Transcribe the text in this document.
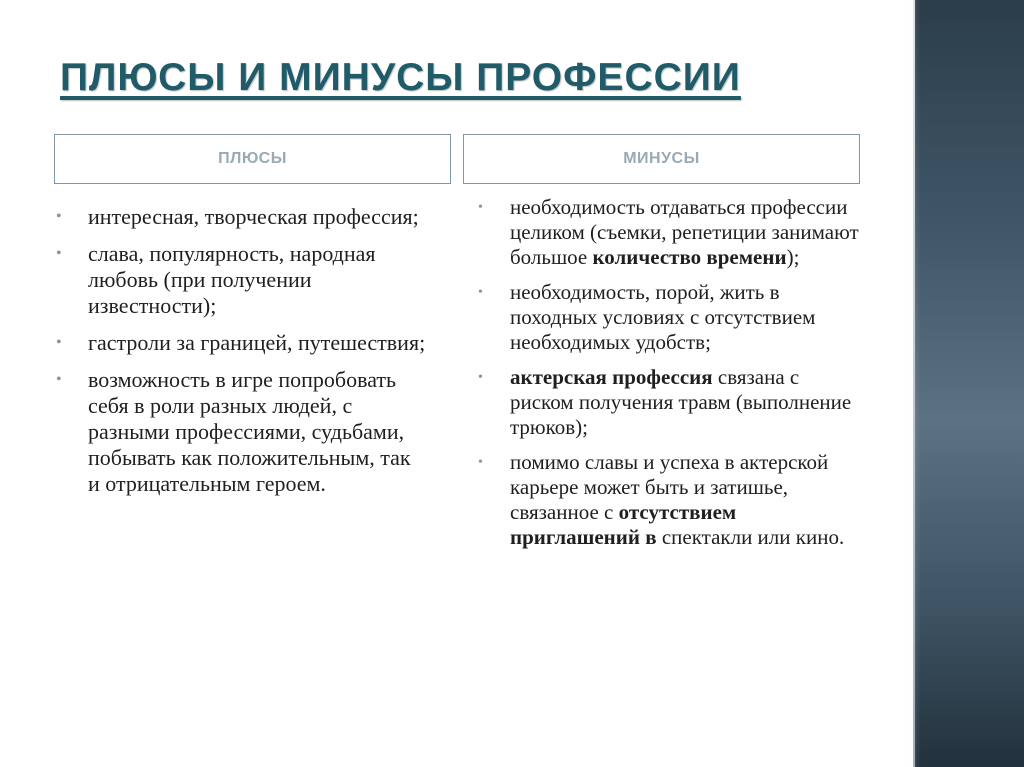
ПЛЮСЫ И МИНУСЫ ПРОФЕССИИ
ПЛЮСЫ	МИНУСЫ
• интересная, творческая профессия;
• слава, популярность, народная любовь (при получении известности);
• гастроли за границей, путешествия;
• возможность в игре попробовать себя в роли разных людей, с разными профессиями, судьбами, побывать как положительным, так и отрицательным героем.
• необходимость отдаваться профессии целиком (съемки, репетиции занимают большое количество времени);
• необходимость, порой, жить в походных условиях с отсутствием необходимых удобств;
• актерская профессия связана с риском получения травм (выполнение трюков);
• помимо славы и успеха в актерской карьере может быть и затишье, связанное с отсутствием приглашений в спектакли или кино.
